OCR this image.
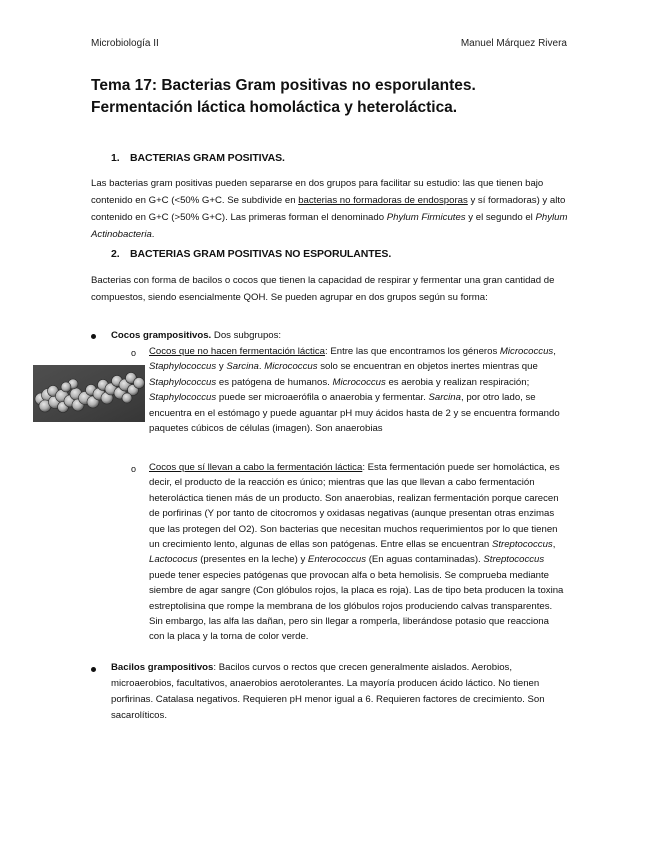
Microbiología II	Manuel Márquez Rivera
Tema 17: Bacterias Gram positivas no esporulantes. Fermentación láctica homoláctica y heteroláctica.
1. BACTERIAS GRAM POSITIVAS.

Las bacterias gram positivas pueden separarse en dos grupos para facilitar su estudio: las que tienen bajo contenido en G+C (<50% G+C. Se subdivide en bacterias no formadoras de endosporas y sí formadoras) y alto contenido en G+C (>50% G+C). Las primeras forman el denominado Phylum Firmicutes y el segundo el Phylum Actinobacteria.

2. BACTERIAS GRAM POSITIVAS NO ESPORULANTES.

Bacterias con forma de bacilos o cocos que tienen la capacidad de respirar y fermentar una gran cantidad de compuestos, siendo esencialmente QOH. Se pueden agrupar en dos grupos según su forma:

Cocos grampositivos. Dos subgrupos:

o Cocos que no hacen fermentación láctica: Entre las que encontramos los géneros Micrococcus, Staphylococcus y Sarcina. Micrococcus solo se encuentran en objetos inertes mientras que Staphylococcus es patógena de humanos. Micrococcus es aerobia y realizan respiración; Staphylococcus puede ser microaerófila o anaerobia y fermentar. Sarcina, por otro lado, se encuentra en el estómago y puede aguantar pH muy ácidos hasta de 2 y se encuentra formando paquetes cúbicos de células (imagen). Son anaerobias

o Cocos que sí llevan a cabo la fermentación láctica: Esta fermentación puede ser homoláctica, es decir, el producto de la reacción es único; mientras que las que llevan a cabo fermentación heteroláctica tienen más de un producto. Son anaerobias, realizan fermentación porque carecen de porfirinas (Y por tanto de citocromos y oxidasas negativas (aunque presentan otras enzimas que las protegen del O2). Son bacterias que necesitan muchos requerimientos por lo que tienen un crecimiento lento, algunas de ellas son patógenas. Entre ellas se encuentran Streptococcus, Lactococus (presentes en la leche) y Enterococcus (En aguas contaminadas). Streptococcus puede tener especies patógenas que provocan alfa o beta hemolisis. Se comprueba mediante siembre de agar sangre (Con glóbulos rojos, la placa es roja). Las de tipo beta producen la toxina estreptolisina que rompe la membrana de los glóbulos rojos produciendo calvas transparentes. Sin embargo, las alfa las dañan, pero sin llegar a romperla, liberándose potasio que reacciona con la placa y la torna de color verde.

Bacilos grampositivos: Bacilos curvos o rectos que crecen generalmente aislados. Aerobios, microaerobios, facultativos, anaerobios aerotolerantes. La mayoría producen ácido láctico. No tienen porfirinas. Catalasa negativos. Requieren pH menor igual a 6. Requieren factores de crecimiento. Son sacarolíticos.
